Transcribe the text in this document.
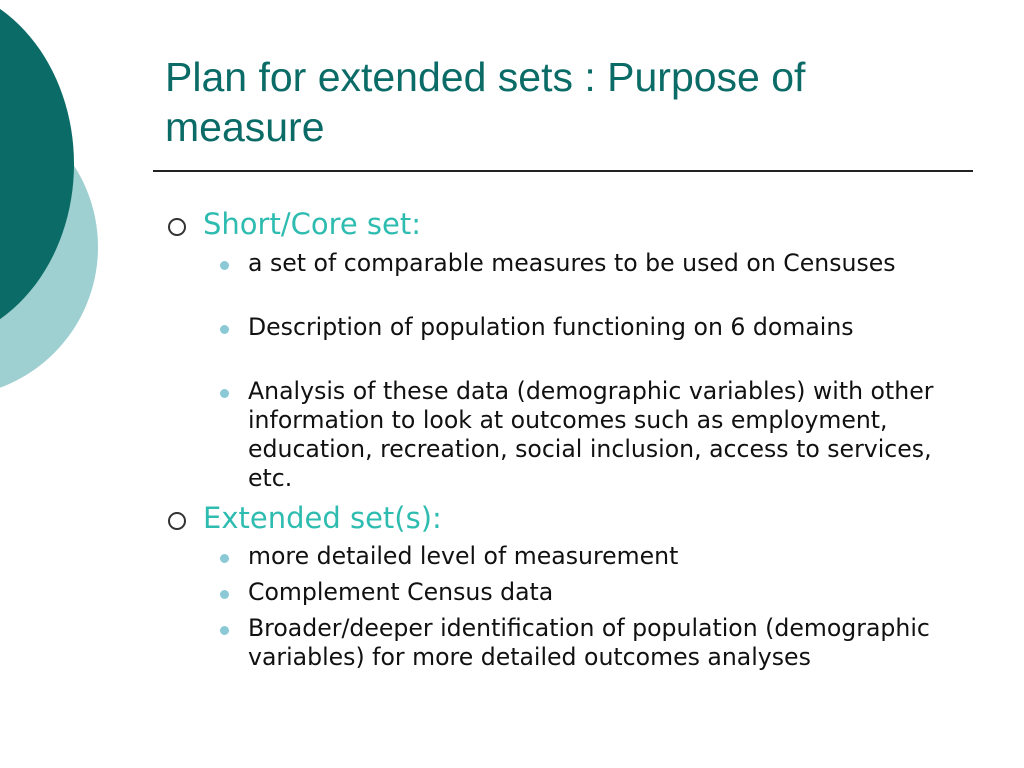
Plan for extended sets : Purpose of measure
Short/Core set:
a set of comparable measures to be used on Censuses
Description of population functioning on 6 domains
Analysis of these data (demographic variables) with other information to look at outcomes such as employment, education, recreation, social inclusion, access to services, etc.
Extended set(s):
more detailed level of measurement
Complement Census data
Broader/deeper identification of population (demographic variables) for more detailed outcomes analyses
